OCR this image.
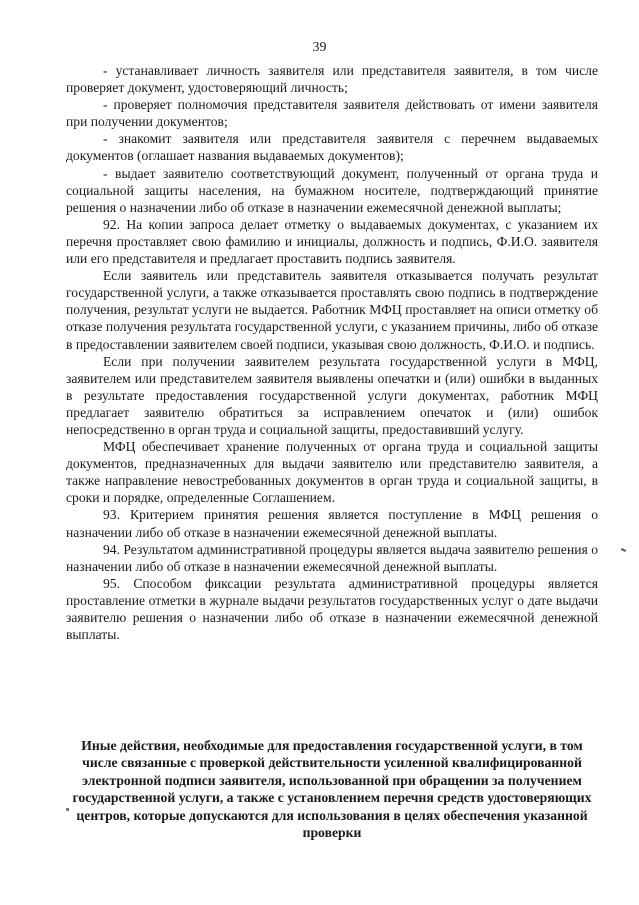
39

- устанавливает личность заявителя или представителя заявителя, в том числе проверяет документ, удостоверяющий личность;

- проверяет полномочия представителя заявителя действовать от имени заявителя при получении документов;

- знакомит заявителя или представителя заявителя с перечнем выдаваемых документов (оглашает названия выдаваемых документов);

- выдает заявителю соответствующий документ, полученный от органа труда и социальной защиты населения, на бумажном носителе, подтверждающий принятие решения о назначении либо об отказе в назначении ежемесячной денежной выплаты;

92. На копии запроса делает отметку о выдаваемых документах, с указанием их перечня проставляет свою фамилию и инициалы, должность и подпись, Ф.И.О. заявителя или его представителя и предлагает проставить подпись заявителя.

Если заявитель или представитель заявителя отказывается получать результат государственной услуги, а также отказывается проставлять свою подпись в подтверждение получения, результат услуги не выдается. Работник МФЦ проставляет на описи отметку об отказе получения результата государственной услуги, с указанием причины, либо об отказе в предоставлении заявителем своей подписи, указывая свою должность, Ф.И.О. и подпись.

Если при получении заявителем результата государственной услуги в МФЦ, заявителем или представителем заявителя выявлены опечатки и (или) ошибки в выданных в результате предоставления государственной услуги документах, работник МФЦ предлагает заявителю обратиться за исправлением опечаток и (или) ошибок непосредственно в орган труда и социальной защиты, предоставивший услугу.

МФЦ обеспечивает хранение полученных от органа труда и социальной защиты документов, предназначенных для выдачи заявителю или представителю заявителя, а также направление невостребованных документов в орган труда и социальной защиты, в сроки и порядке, определенные Соглашением.

93. Критерием принятия решения является поступление в МФЦ решения о назначении либо об отказе в назначении ежемесячной денежной выплаты.

94. Результатом административной процедуры является выдача заявителю решения о назначении либо об отказе в назначении ежемесячной денежной выплаты.

95. Способом фиксации результата административной процедуры является проставление отметки в журнале выдачи результатов государственных услуг о дате выдачи заявителю решения о назначении либо об отказе в назначении ежемесячной денежной выплаты.

Иные действия, необходимые для предоставления государственной услуги, в том числе связанные с проверкой действительности усиленной квалифицированной электронной подписи заявителя, использованной при обращении за получением государственной услуги, а также с установлением перечня средств удостоверяющих центров, которые допускаются для использования в целях обеспечения указанной проверки
